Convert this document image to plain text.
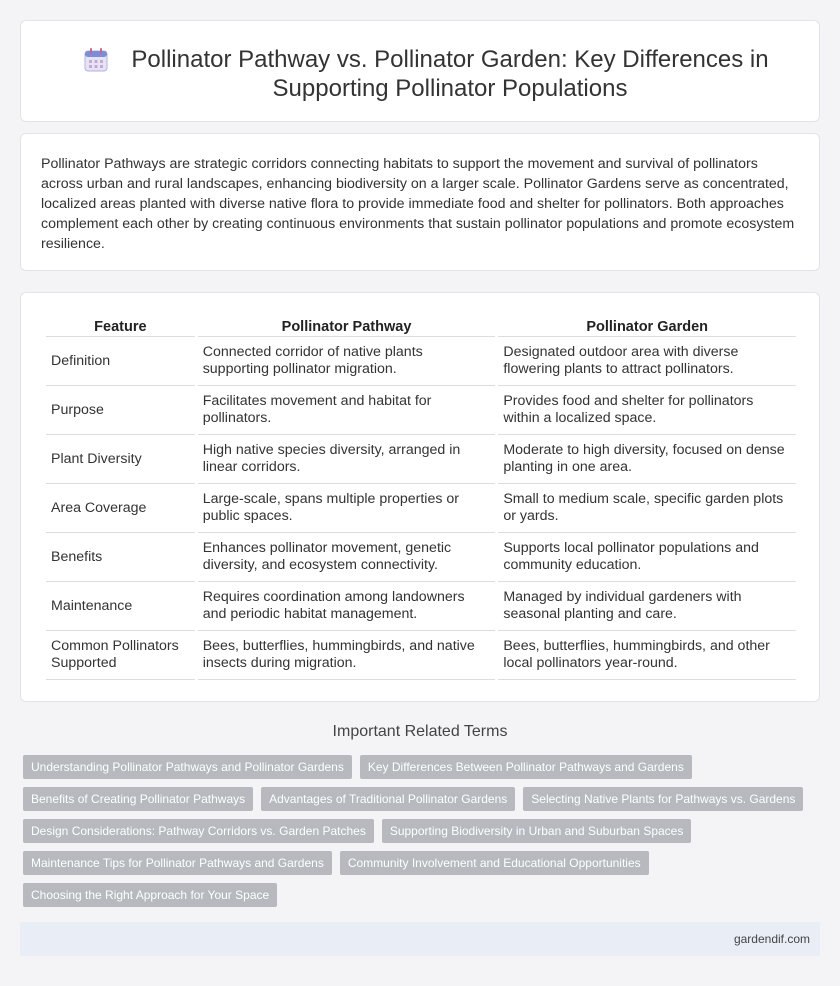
Pollinator Pathway vs. Pollinator Garden: Key Differences in Supporting Pollinator Populations

Pollinator Pathways are strategic corridors connecting habitats to support the movement and survival of pollinators across urban and rural landscapes, enhancing biodiversity on a larger scale. Pollinator Gardens serve as concentrated, localized areas planted with diverse native flora to provide immediate food and shelter for pollinators. Both approaches complement each other by creating continuous environments that sustain pollinator populations and promote ecosystem resilience.

Feature	Pollinator Pathway	Pollinator Garden
Definition	Connected corridor of native plants supporting pollinator migration.	Designated outdoor area with diverse flowering plants to attract pollinators.
Purpose	Facilitates movement and habitat for pollinators.	Provides food and shelter for pollinators within a localized space.
Plant Diversity	High native species diversity, arranged in linear corridors.	Moderate to high diversity, focused on dense planting in one area.
Area Coverage	Large-scale, spans multiple properties or public spaces.	Small to medium scale, specific garden plots or yards.
Benefits	Enhances pollinator movement, genetic diversity, and ecosystem connectivity.	Supports local pollinator populations and community education.
Maintenance	Requires coordination among landowners and periodic habitat management.	Managed by individual gardeners with seasonal planting and care.
Common Pollinators Supported	Bees, butterflies, hummingbirds, and native insects during migration.	Bees, butterflies, hummingbirds, and other local pollinators year-round.
Important Related Terms
Understanding Pollinator Pathways and Pollinator Gardens	Key Differences Between Pollinator Pathways and Gardens
Benefits of Creating Pollinator Pathways	Advantages of Traditional Pollinator Gardens	Selecting Native Plants for Pathways vs. Gardens
Design Considerations: Pathway Corridors vs. Garden Patches	Supporting Biodiversity in Urban and Suburban Spaces
Maintenance Tips for Pollinator Pathways and Gardens	Community Involvement and Educational Opportunities
Choosing the Right Approach for Your Space
gardendif.com
